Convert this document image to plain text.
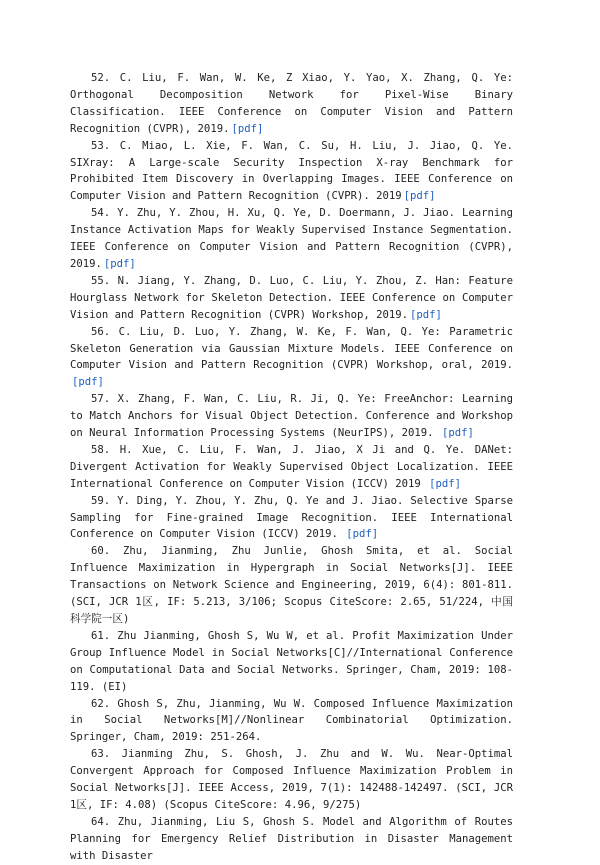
52. C. Liu, F. Wan, W. Ke, Z Xiao, Y. Yao, X. Zhang, Q. Ye: Orthogonal Decomposition Network for Pixel-Wise Binary Classification. IEEE Conference on Computer Vision and Pattern Recognition (CVPR), 2019. [pdf]
53. C. Miao, L. Xie, F. Wan, C. Su, H. Liu, J. Jiao, Q. Ye. SIXray: A Large-scale Security Inspection X-ray Benchmark for Prohibited Item Discovery in Overlapping Images. IEEE Conference on Computer Vision and Pattern Recognition (CVPR). 2019 [pdf]
54. Y. Zhu, Y. Zhou, H. Xu, Q. Ye, D. Doermann, J. Jiao. Learning Instance Activation Maps for Weakly Supervised Instance Segmentation. IEEE Conference on Computer Vision and Pattern Recognition (CVPR), 2019. [pdf]
55. N. Jiang, Y. Zhang, D. Luo, C. Liu, Y. Zhou, Z. Han: Feature Hourglass Network for Skeleton Detection. IEEE Conference on Computer Vision and Pattern Recognition (CVPR) Workshop, 2019. [pdf]
56. C. Liu, D. Luo, Y. Zhang, W. Ke, F. Wan, Q. Ye: Parametric Skeleton Generation via Gaussian Mixture Models. IEEE Conference on Computer Vision and Pattern Recognition (CVPR) Workshop, oral, 2019.[pdf]
57. X. Zhang, F. Wan, C. Liu, R. Ji, Q. Ye: FreeAnchor: Learning to Match Anchors for Visual Object Detection. Conference and Workshop on Neural Information Processing Systems (NeurIPS), 2019. [pdf]
58. H. Xue, C. Liu, F. Wan, J. Jiao, X Ji and Q. Ye. DANet: Divergent Activation for Weakly Supervised Object Localization. IEEE International Conference on Computer Vision (ICCV) 2019 [pdf]
59. Y. Ding, Y. Zhou, Y. Zhu, Q. Ye and J. Jiao. Selective Sparse Sampling for Fine-grained Image Recognition. IEEE International Conference on Computer Vision (ICCV) 2019. [pdf]
60. Zhu, Jianming, Zhu Junlie, Ghosh Smita, et al. Social Influence Maximization in Hypergraph in Social Networks[J]. IEEE Transactions on Network Science and Engineering, 2019, 6(4): 801-811. (SCI, JCR 1区, IF: 5.213, 3/106; Scopus CiteScore: 2.65, 51/224, 中国科学院一区)
61. Zhu Jianming, Ghosh S, Wu W, et al. Profit Maximization Under Group Influence Model in Social Networks[C]//International Conference on Computational Data and Social Networks. Springer, Cham, 2019: 108-119. (EI)
62. Ghosh S, Zhu, Jianming, Wu W. Composed Influence Maximization in Social Networks[M]//Nonlinear Combinatorial Optimization. Springer, Cham, 2019: 251-264.
63. Jianming Zhu, S. Ghosh, J. Zhu and W. Wu. Near-Optimal Convergent Approach for Composed Influence Maximization Problem in Social Networks[J]. IEEE Access, 2019, 7(1): 142488-142497. (SCI, JCR 1区, IF: 4.08) (Scopus CiteScore: 4.96, 9/275)
64. Zhu, Jianming, Liu S, Ghosh S. Model and Algorithm of Routes Planning for Emergency Relief Distribution in Disaster Management with Disaster
